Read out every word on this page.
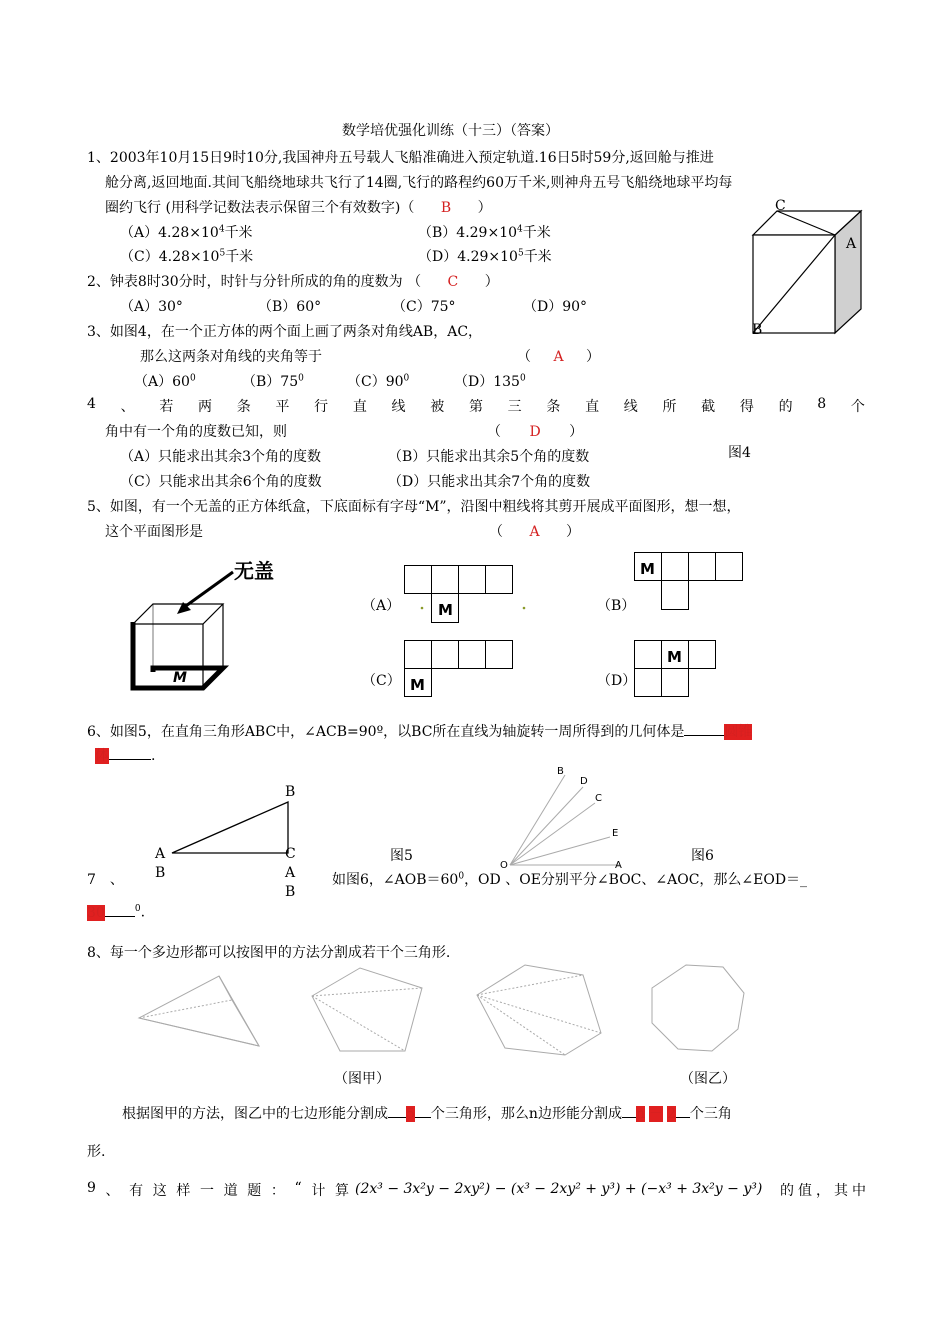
数学培优强化训练（十三）（答案）
1、2003年10月15日9时10分,我国神舟五号载人飞船准确进入预定轨道.16日5时59分,返回舱与推进
舱分离,返回地面.其间飞船绕地球共飞行了14圈,飞行的路程约60万千米,则神舟五号飞船绕地球平均每
圈约飞行 (用科学记数法表示保留三个有效数字)（ B ）
$(A)4.28\times 10^4$千米	$(B)4.29\times 10^4$千米
$(C)4.28\times 10^5$千米	$(D)4.29\times 10^5$千米
C
A
B
图4
2、钟表8时30分时，时针与分针所成的角的度数为 （ C ）
（A）30°	（B）60°	（C）75°	（D）90°
3、如图4，在一个正方体的两个面上画了两条对角线AB，AC，
那么这两条对角线的夹角等于	（ A ）
$(A)60^0$	$(B)75^0$	$(C)90^0$	$(D)135^0$
4 、 若 两 条 平 行 直 线 被 第 三 条 直 线 所 截 得 的 8 个
角中有一个角的度数已知，则	（ D ）
（A）只能求出其余3个角的度数	（B）只能求出其余5个角的度数
（C）只能求出其余6个角的度数	（D）只能求出其余7个角的度数
5、如图，有一个无盖的正方体纸盒，下底面标有字母“M”，沿图中粗线将其剪开展成平面图形，想一想，
这个平面图形是	（ A ）
无盖
M
（A）	M	（B）
M
（C） M	（D）
M
6、如图5，在直角三角形ABC中，∠ACB=90º，以BC所在直线为轴旋转一周所得到的几何体是	圆锥
体	.
B
A
B
C
A
B
图5
B
D
C
E
O	A
图6
7　、	如图6，$\angle AOB=60^0$，OD 、OE分别平分∠BOC、∠AOC，那么∠EOD＝_
30	$^0$.
8、每一个多边形都可以按图甲的方法分割成若干个三角形.
（图甲）	（图乙）
根据图甲的方法，图乙中的七边形能分割成 5 个三角形，那么n边形能分割成 n － 2 个三角
形.
9 、 有 这 样 一 道 题 ： “ 计 算 (2x³ − 3x²y − 2xy²) − (x³ − 2xy² + y³) + (−x³ + 3x²y − y³) 的 值 ， 其 中
